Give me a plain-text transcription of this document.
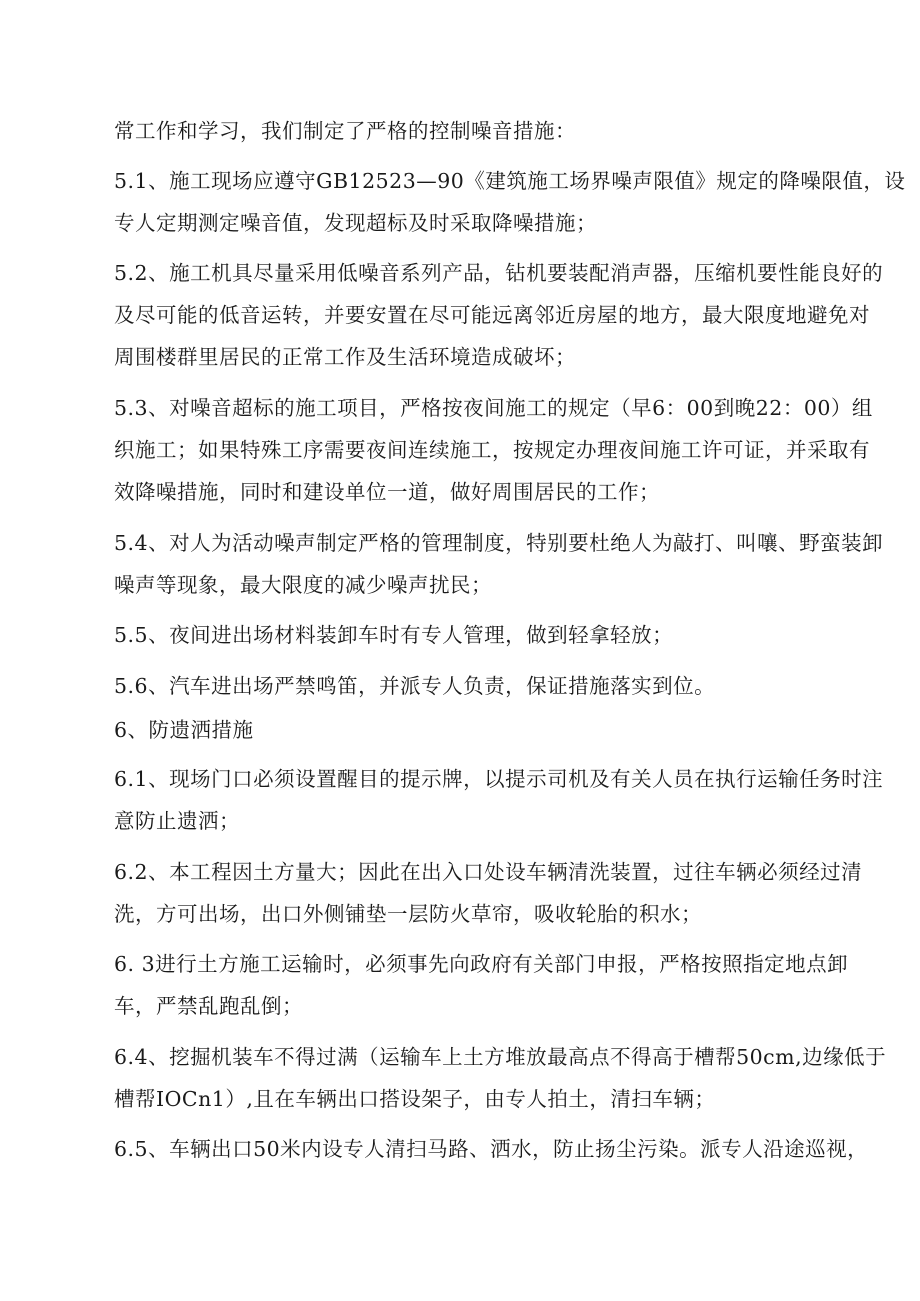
常工作和学习，我们制定了严格的控制噪音措施：
5.1、施工现场应遵守GB12523—90《建筑施工场界噪声限值》规定的降噪限值，设
专人定期测定噪音值，发现超标及时采取降噪措施；
5.2、施工机具尽量采用低噪音系列产品，钻机要装配消声器，压缩机要性能良好的
及尽可能的低音运转，并要安置在尽可能远离邻近房屋的地方，最大限度地避免对
周围楼群里居民的正常工作及生活环境造成破坏；
5.3、对噪音超标的施工项目，严格按夜间施工的规定（早6：00到晚22：00）组
织施工；如果特殊工序需要夜间连续施工，按规定办理夜间施工许可证，并采取有
效降噪措施，同时和建设单位一道，做好周围居民的工作；
5.4、对人为活动噪声制定严格的管理制度，特别要杜绝人为敲打、叫嚷、野蛮装卸
噪声等现象，最大限度的减少噪声扰民；
5.5、夜间进出场材料装卸车时有专人管理，做到轻拿轻放；
5.6、汽车进出场严禁鸣笛，并派专人负责，保证措施落实到位。
6、防遗洒措施
6.1、现场门口必须设置醒目的提示牌，以提示司机及有关人员在执行运输任务时注
意防止遗洒；
6.2、本工程因土方量大；因此在出入口处设车辆清洗装置，过往车辆必须经过清
洗，方可出场，出口外侧铺垫一层防火草帘，吸收轮胎的积水；
6. 3进行土方施工运输时，必须事先向政府有关部门申报，严格按照指定地点卸
车，严禁乱跑乱倒；
6.4、挖掘机装车不得过满（运输车上土方堆放最高点不得高于槽帮50cm,边缘低于
槽帮IOCn1）,且在车辆出口搭设架子，由专人拍土，清扫车辆；
6.5、车辆出口50米内设专人清扫马路、洒水，防止扬尘污染。派专人沿途巡视，
